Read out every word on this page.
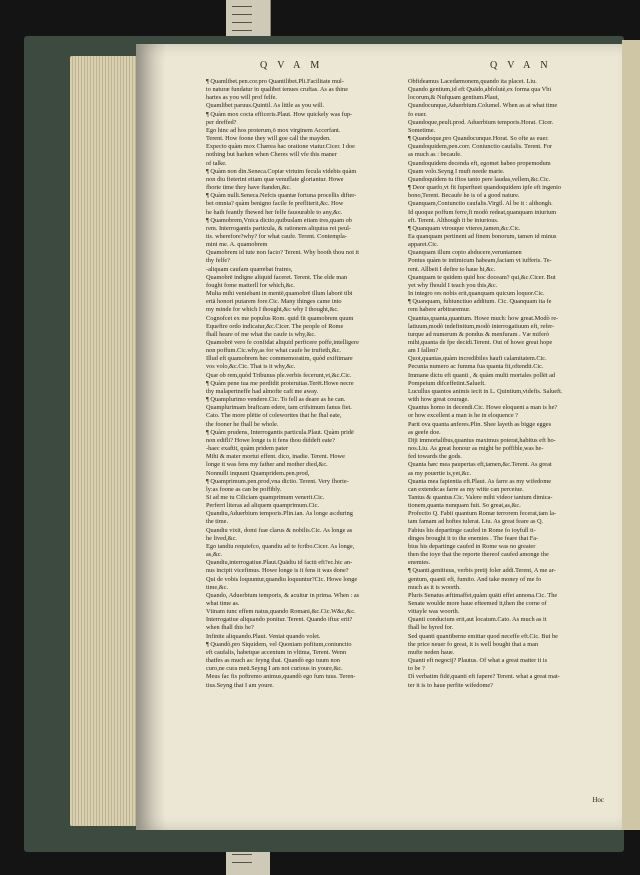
QVAM	QVAN
¶ Quamlibet.pen.cor.pro Quantilibet.Pli.Facilitate mul-
to naturæ fundatur in qualibet tenues cruftas. As as thine
hartes as you will prof felfe.
Quamlibet paruus.Quintil. As little as you will.
¶ Quàm mox cocta efficeris.Plaut. How quickely was fup-
per dreffed?
Ego hinc ad hos proterum,ō mox virginem Accerfant.
Terent. How foone they will goe call the mayden.
Expecto quàm mox Chærea hac oratione vtatur.Cicer. I doe
nothing but harken when Cheres will vfe this maner
of talke.
¶ Quàm non din.Seneca.Copiæ virtuim fecula videbis quàm
non diu fieterint etiam quæ venuflate gloriantur. Howe
fhorte time they have ftanden,&c.
¶ Quàm nulli.Seneca.Nefcis quantæ fortuna procellis difter-
bet omnia? quàm benigno facile fe prefliterit,&c. How
he hath feantly fhewed her felfe fauourable to any,&c.
¶ Quamobrem,Vnica dictio,quibuslam etiam tres,quam ob
rem. Interrogantis particula, & rationem aliquius rei peul-
tis. wherefore?why? for what caufe. Terent. Contempla-
mini me. A. quamobrem
Quamobrem id tute non facio? Terent. Why booth thou not it
thy felfe?
-aliquam caufam quærebat fratres,
Quamobrē indigne aliquid faceret. Terent. The elde man
fought fome matterll for which,&c.
Multa mihi veniebant in mentē,quamobrē illum laborē tibi
ertā honori putarem fore.Cic. Many thinges came into
my minde for which I thought,&c why I thought,&c.
Cognofcet ex me populus Rom. quid fit quamobrem quum
Equeftre ordo indicatur,&c.Cicer. The people of Rome
fhall heare of me what the caufe is why,&c.
Quamobrē vero fe confidat aliquid perficere poffe,intelligere
non poffum.Cic.why,as for what caufe he trufteth,&c.
Illud eft quamobrem hec commemoratim, quòd exiftimare
vos volo,&c.Cic. That is it why,&c.
Quæ ob rem,quòd Tribunus ple.verbis fecerunt,vt,&c.Cic.
¶ Quàm pene tua me perdidit proteruitas.Terēt.Howe necre
thy malapertneffe had almofte caft me away.
¶ Quamplurimo vendere.Cic. To fell as deare as he can.
Quamplurimam braficam edere, tam crifsimum fanus fiet.
Cato. The more plētie of coleworttes that he fhal eate,
the fooner he fhall be whole.
¶ Quàm prudens, Interrogantis particula.Plaut. Quàm pridē
non edifli? Howe longe is it fens thou diddeft eate?
-haec exaftit, quàm pridem pater
Mihi & mater mortui effent. dico, inadie. Terent. Howe
longe it was fens my father and mother died,&c.
Nonnulli inquunt Quampridem.pen.prod,
¶ Quamprimum.pen.prod,vna dictio. Terent. Very fhorte-
ly:as foone as can be poffibly.
Si ad me tu Ciliciam quamprimum venerit.Cic.
Perferri literas ad aliquem quamprimum.Cic.
Quandiu,Aduerbium temporis.Plin.ian. As longe as:during
the time.
Quandiu vixit, domi fuæ clarus & nobilis.Cic. As longe as
he lived,&c.
Ego tandiu requiefco, quandiu ad te fcribo.Cicer. As longe,
as,&c.
Quandiu,interrogatiue.Plaut.Quādiu id factū eft?ec.hic an-
nus incipit vicefimus. Howe longe is it fens it was done?
Qui de vobis loquuntur,quandiu loquuntur?Cic. Howe longe
time,&c.
Quando, Aduerbium temporis, & acuitur in prima. When : as
what time as.
Vtinam tunc effem natus,quando Romani,&c.Cic.W&c,&c.
Interrogatiue aliquando ponitur. Terent. Quando iftuc erit?
when fhall this be?
Infinite aliquando.Plaut. Veniat quando volet.
¶ Quandò,pro Siquidem, vel Quoniam pofitum,coniunctio
eft caufalis, habetque accentum in vltima, Terent. Wenn
thatfes as much as: feyng that. Quandò ego tuum non
curo,ne cura meū.Seyng I am not curious in youre,&c.
Meus fac fis poftremo animus,quandò ego fum tuus. Teren-
tius.Seyng that I am youre.
Obfideamus Lacedæmonem,quando ita placet. Liu.
Quando gentium,id eft Quādo,abfolutè,ex forma qua Vbi
locorum,& Nufquam gentium.Plaut,
Quandocunque,Aduerbium.Columel. When as at what time
fo euer.
Quandoque,peult.prod. Aduerbium temporis.Horat. Cicer.
Sometime.
¶ Quandoque,pro Quandocunque.Horat. So ofte as euer.
Quandoquidem,pen.corr. Coniunctio caufalis. Terent. For
as much as : becaufe.
Quandoquidem decenda eft, egomet habeo propemodum
Quam volo.Seyng I muft neede marie.
Quandoquidem tu iftos tanto pere laudas,vellem,&c.Cic.
¶ Deor quæfo,vt fit fuperfteet quandoquidem ipfe eft ingenio
bono,Terent. Becaufe he is of a good nature.
Quanquam,Coniunctio caufalis.Virgil. Al be it : althongh.
Id quoque poffum ferre,fi modò redeat,quanquam iniurium
eft. Terent. Although it be iniurious.
¶ Quanquam vtrouque viteres,tamen,&c.Cic.
Ea quanquam pertinent ad finem bonorum, tamen id minus
apparet.Cic.
Quanquam illum copio abducere,veruntamen
Pontus quàm te intimicum habeam,faciam vt iufferis. Te-
rent. Allbeit I defire to haue hi,&c.
Quanquam te quidem quid hoc doceam? qui,&c.Cicer. But
yet why fhould I teach you this,&c.
In integro res nobis erit,quanquam quicum loquor.Cic.
¶ Quanquam, fubiunctiuo additum. Cic. Quanquam ita fe
rem habere arbitraremur.
Quantus,quanta,quantum. Howe much: how great.Modò re-
latiuum,modò indefinitum,modò interrogatiuum eft, refer-
turque ad numerum & pondus & menfuram . Væ miferò
mihi,quanta de fpe decidi.Terent. Out of howe great hope
am I fallen?
Quot,quantas,quàm incredibiles hauft calamitatem.Cic.
Pecunia numero ac fumma fua quanta fit,oftendit.Cic.
Immane dictu eft quanti , & quàm multi mortales pollēt ad
Pompeium difceffetint.Salueft.
Lucullus quantos animis iecit in L. Quintium,videfis. Salueft.
with how great courage.
Quantus homo in decendi.Cic. Howe eloquent a man is he?
or how excellent a man is he in eloquence ?
Parit ova quanta anferes.Plin. Shee layeth as bigge egges
as geefe doe.
Diji immortalibus,quantus maximus poterat,habitus eft ho-
nos.Liu. As great honour as might be poffible,was he-
fed towards the gods.
Quanta hæc mea paupertas eft,tamen,&c.Terent. As great
as my pouertie is,yet,&c.
Quanta mea fapientia eft.Plaut. As farre as my wifedome
can extende:as farre as my witte can perceiue.
Tantus & quantus.Cic. Valere mihi videor tantum dimica-
tionem,quanta nunquam fuit. So great,as,&c.
Profectio Q. Fabii quantum Romæ terrorem fecerat,tam la-
tam famam ad hoftes tulerat. Liu. As great feare as Q.
Fabius his departinge caufed in Rome fo ioyfull ti-
dinges brought it to the enemies . The feare that Fa-
bius his departinge caufed in Rome was no greater
then the ioye that the reporte thereof caufed amonge the
enemies.
¶ Quanti.genitiuus, verbis pretij foler addi.Terent, A me ar-
gentum, quanti eft, fumito. And take money of me fo
much as it is woorth.
Pluris Senatus æftimaffet,quàm quāti effet annona.Cic. The
Senate woulde more haue efteemed it,then the corne of
vittayle was woorth.
Quanti conducium erit,aut locatum.Cato. As much as it
fhall be hyred for.
Sed quanti quantiberne emittar quod neceffe eft.Cic. But be
the price neuer fo great, it is well bought that a man
mufte neden haue.
Quanti eft negocij? Plautus. Of what a great matter it is
to be ?
Dì verbatim fidē,quanti eft fapere? Terent. what a great mat-
ter it is to haue perfite wifedome?
Hoc
